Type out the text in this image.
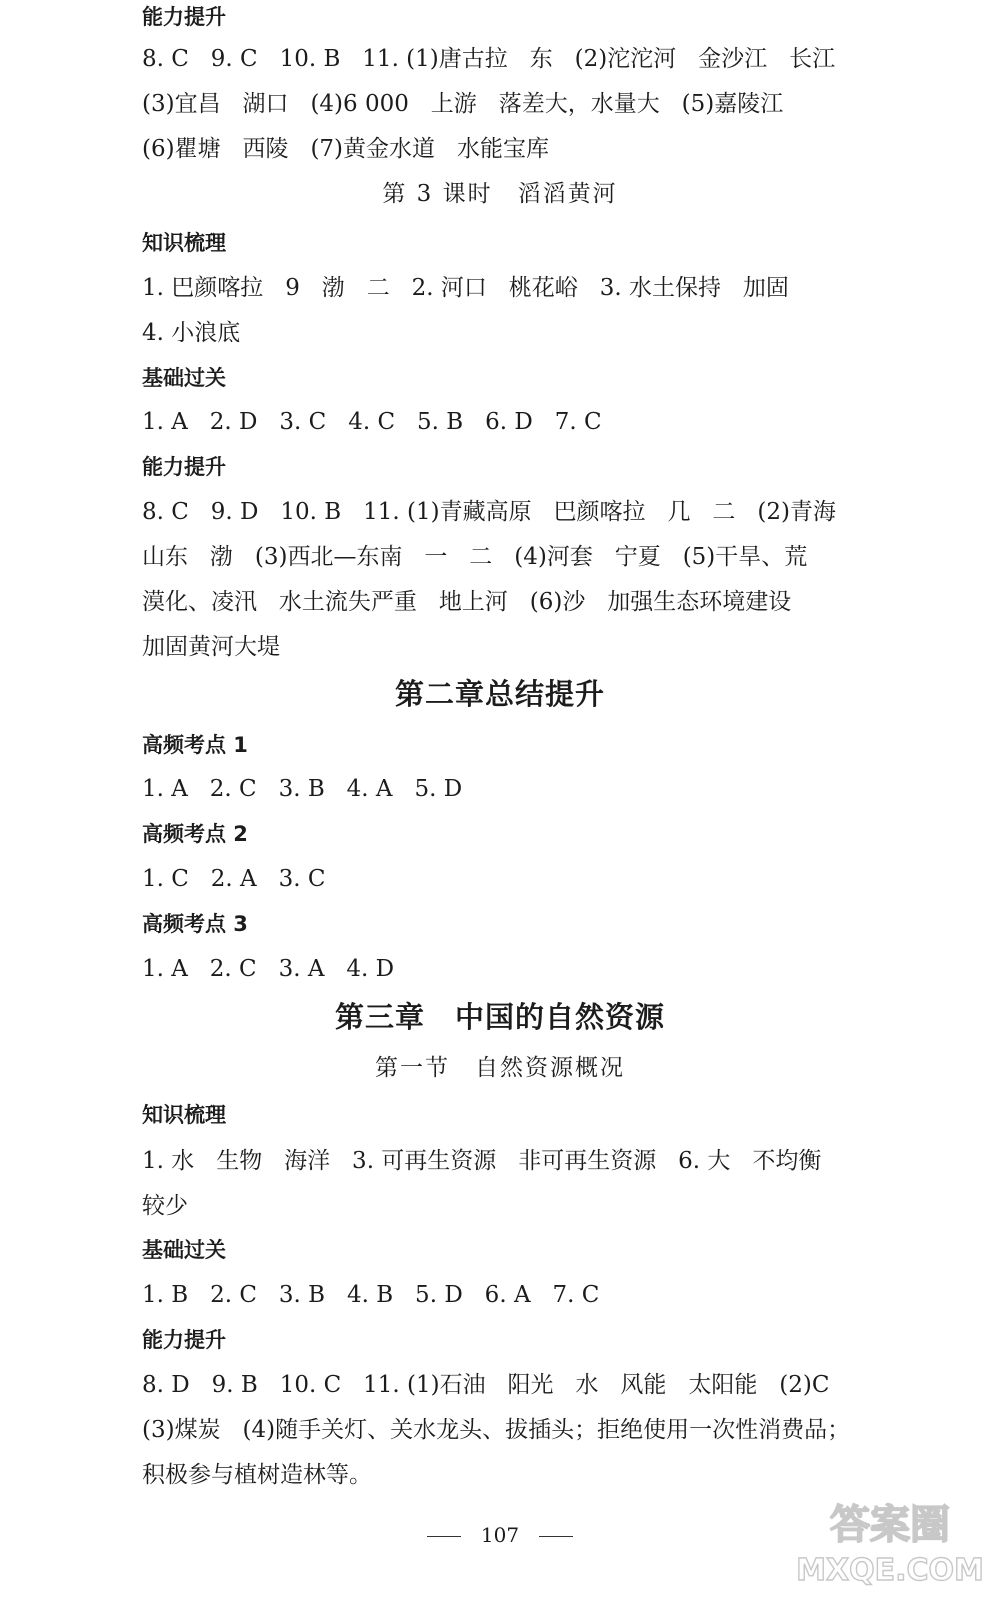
能力提升
8. C   9. C   10. B   11. (1)唐古拉   东   (2)沱沱河   金沙江   长江
(3)宜昌   湖口   (4)6 000   上游   落差大，水量大   (5)嘉陵江
(6)瞿塘   西陵   (7)黄金水道   水能宝库
第 3 课时　滔滔黄河
知识梳理
1. 巴颜喀拉   9   渤   二   2. 河口   桃花峪   3. 水土保持   加固
4. 小浪底
基础过关
1. A   2. D   3. C   4. C   5. B   6. D   7. C
能力提升
8. C   9. D   10. B   11. (1)青藏高原   巴颜喀拉   几   二   (2)青海
山东   渤   (3)西北—东南   一   二   (4)河套   宁夏   (5)干旱、荒
漠化、凌汛   水土流失严重   地上河   (6)沙   加强生态环境建设
加固黄河大堤
第二章总结提升
高频考点 1
1. A   2. C   3. B   4. A   5. D
高频考点 2
1. C   2. A   3. C
高频考点 3
1. A   2. C   3. A   4. D
第三章　中国的自然资源
第一节　自然资源概况
知识梳理
1. 水   生物   海洋   3. 可再生资源   非可再生资源   6. 大   不均衡
较少
基础过关
1. B   2. C   3. B   4. B   5. D   6. A   7. C
能力提升
8. D   9. B   10. C   11. (1)石油   阳光   水   风能   太阳能   (2)C
(3)煤炭   (4)随手关灯、关水龙头、拔插头；拒绝使用一次性消费品；
积极参与植树造林等。
107	答案圈
MXQE.COM
